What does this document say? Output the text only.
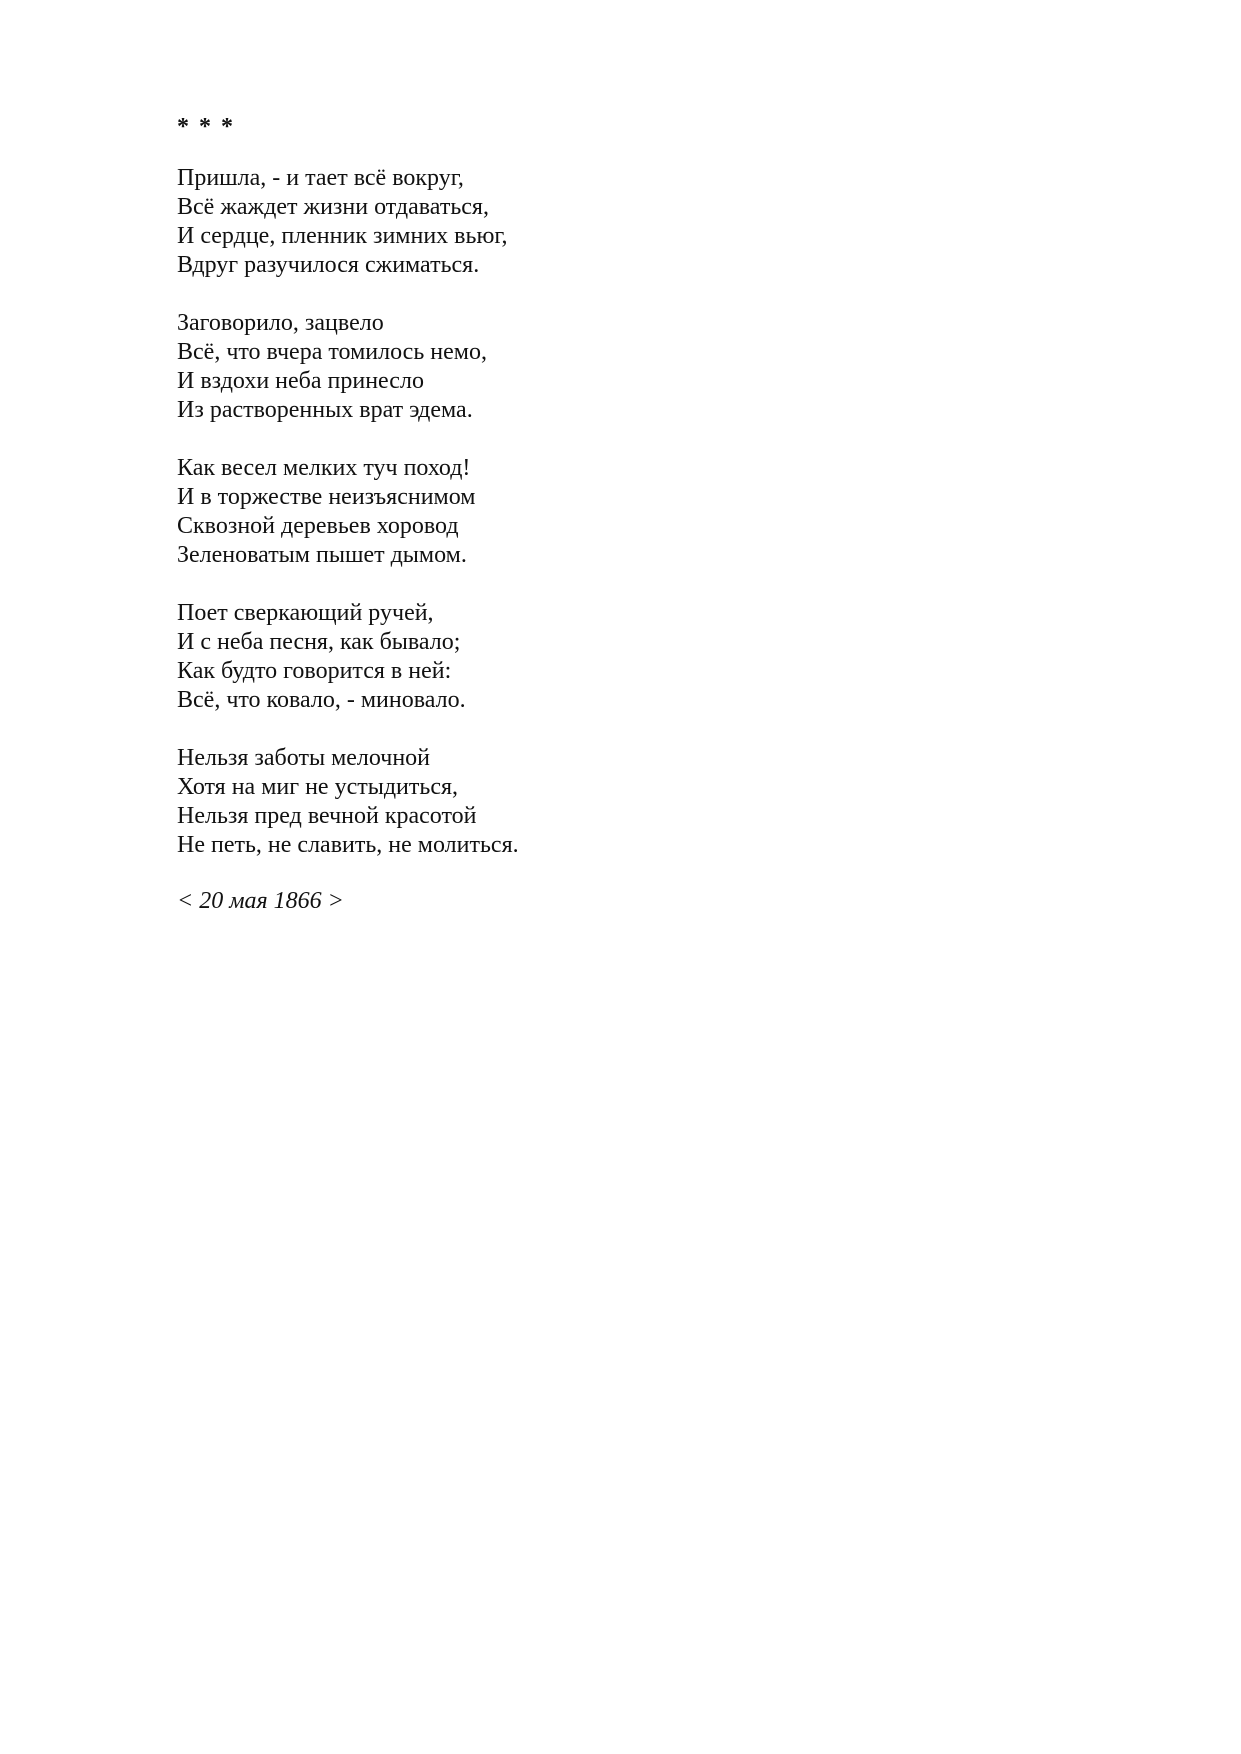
* * *
Пришла, - и тает всё вокруг,
Всё жаждет жизни отдаваться,
И сердце, пленник зимних вьюг,
Вдруг разучилося сжиматься.
Заговорило, зацвело
Всё, что вчера томилось немо,
И вздохи неба принесло
Из растворенных врат эдема.
Как весел мелких туч поход!
И в торжестве неизъяснимом
Сквозной деревьев хоровод
Зеленоватым пышет дымом.
Поет сверкающий ручей,
И с неба песня, как бывало;
Как будто говорится в ней:
Всё, что ковало, - миновало.
Нельзя заботы мелочной
Хотя на миг не устыдиться,
Нельзя пред вечной красотой
Не петь, не славить, не молиться.
< 20 мая 1866 >
